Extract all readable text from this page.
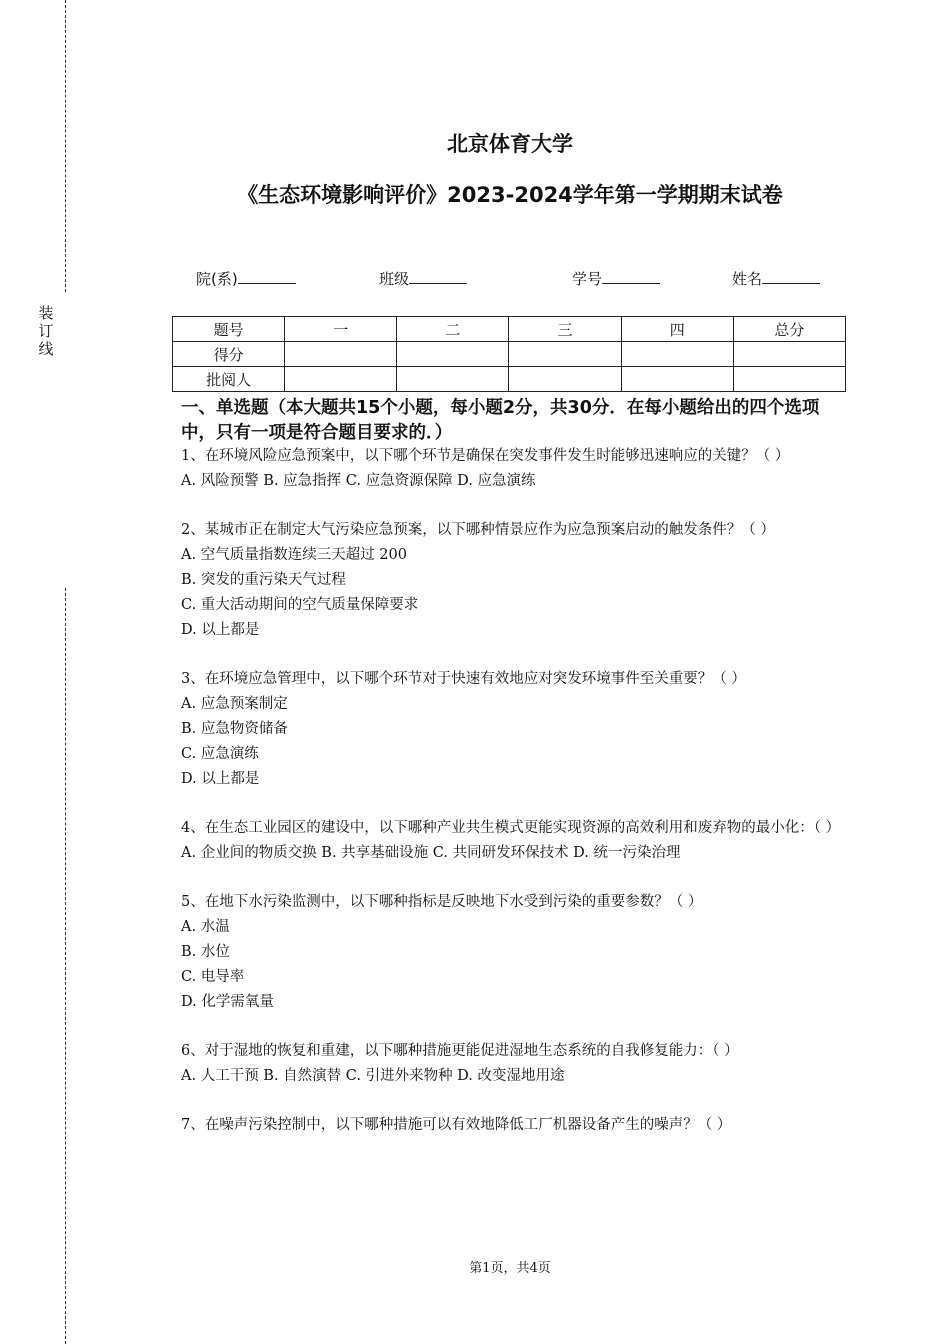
装
订
线
北京体育大学
《生态环境影响评价》2023-2024学年第一学期期末试卷
院(系)	班级	学号	姓名
题号	一	二	三	四	总分
得分					
批阅人					
一、单选题（本大题共15个小题，每小题2分，共30分．在每小题给出的四个选项中，只有一项是符合题目要求的．）

1、在环境风险应急预案中，以下哪个环节是确保在突发事件发生时能够迅速响应的关键？（ ）

A. 风险预警 B. 应急指挥 C. 应急资源保障 D. 应急演练

2、某城市正在制定大气污染应急预案，以下哪种情景应作为应急预案启动的触发条件？（ ）

A. 空气质量指数连续三天超过 200

B. 突发的重污染天气过程

C. 重大活动期间的空气质量保障要求

D. 以上都是

3、在环境应急管理中，以下哪个环节对于快速有效地应对突发环境事件至关重要？（ ）

A. 应急预案制定

B. 应急物资储备

C. 应急演练

D. 以上都是

4、在生态工业园区的建设中，以下哪种产业共生模式更能实现资源的高效利用和废弃物的最小化：（ ）

A. 企业间的物质交换 B. 共享基础设施 C. 共同研发环保技术 D. 统一污染治理

5、在地下水污染监测中，以下哪种指标是反映地下水受到污染的重要参数？（ ）

A. 水温

B. 水位

C. 电导率

D. 化学需氧量

6、对于湿地的恢复和重建，以下哪种措施更能促进湿地生态系统的自我修复能力：（ ）

A. 人工干预 B. 自然演替 C. 引进外来物种 D. 改变湿地用途

7、在噪声污染控制中，以下哪种措施可以有效地降低工厂机器设备产生的噪声？（ ）

第1页，共4页
